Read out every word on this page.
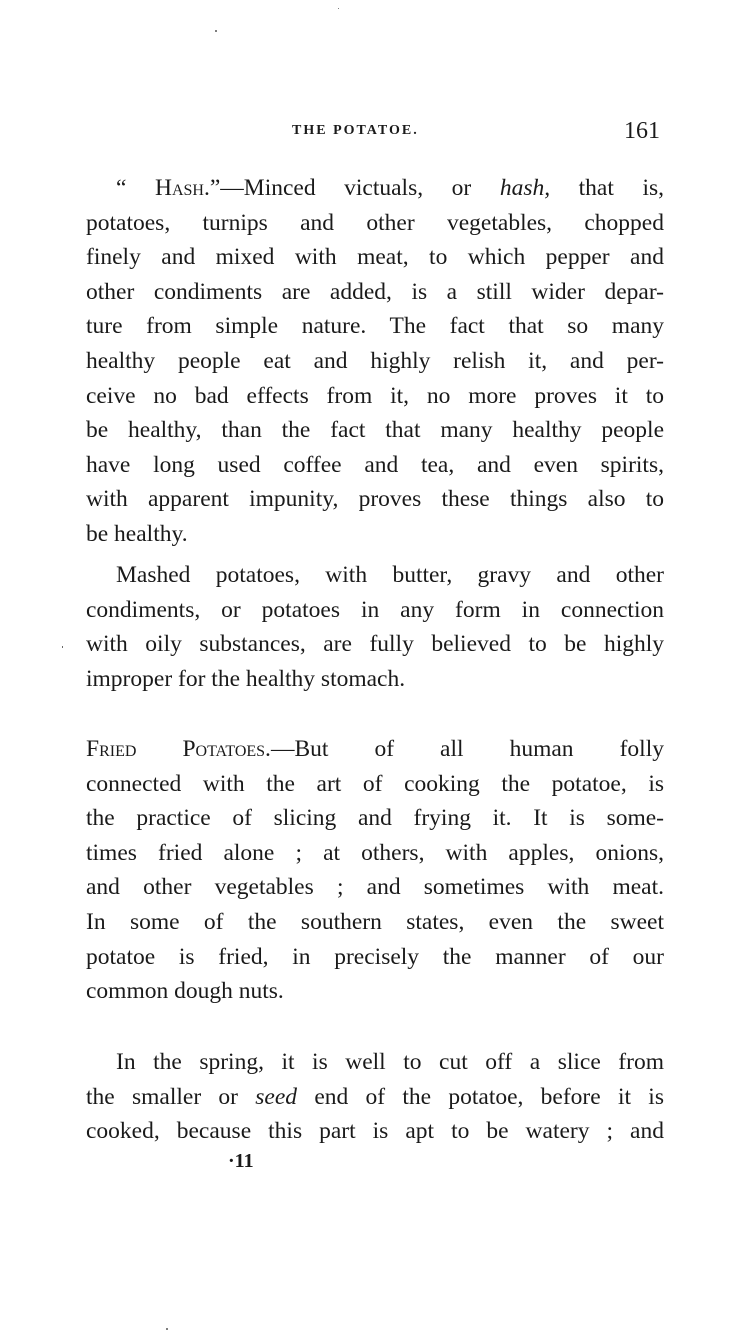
THE POTATOE.	161
“ Hash.”—Minced victuals, or hash, that is,
potatoes, turnips and other vegetables, chopped
finely and mixed with meat, to which pepper and
other condiments are added, is a still wider depar-
ture from simple nature. The fact that so many
healthy people eat and highly relish it, and per-
ceive no bad effects from it, no more proves it to
be healthy, than the fact that many healthy people
have long used coffee and tea, and even spirits,
with apparent impunity, proves these things also to
be healthy.
Mashed potatoes, with butter, gravy and other
condiments, or potatoes in any form in connection
with oily substances, are fully believed to be highly
improper for the healthy stomach.
Fried Potatoes.—But of all human folly
connected with the art of cooking the potatoe, is
the practice of slicing and frying it. It is some-
times fried alone ; at others, with apples, onions,
and other vegetables ; and sometimes with meat.
In some of the southern states, even the sweet
potatoe is fried, in precisely the manner of our
common dough nuts.
In the spring, it is well to cut off a slice from
the smaller or seed end of the potatoe, before it is
cooked, because this part is apt to be watery ; and
·11
